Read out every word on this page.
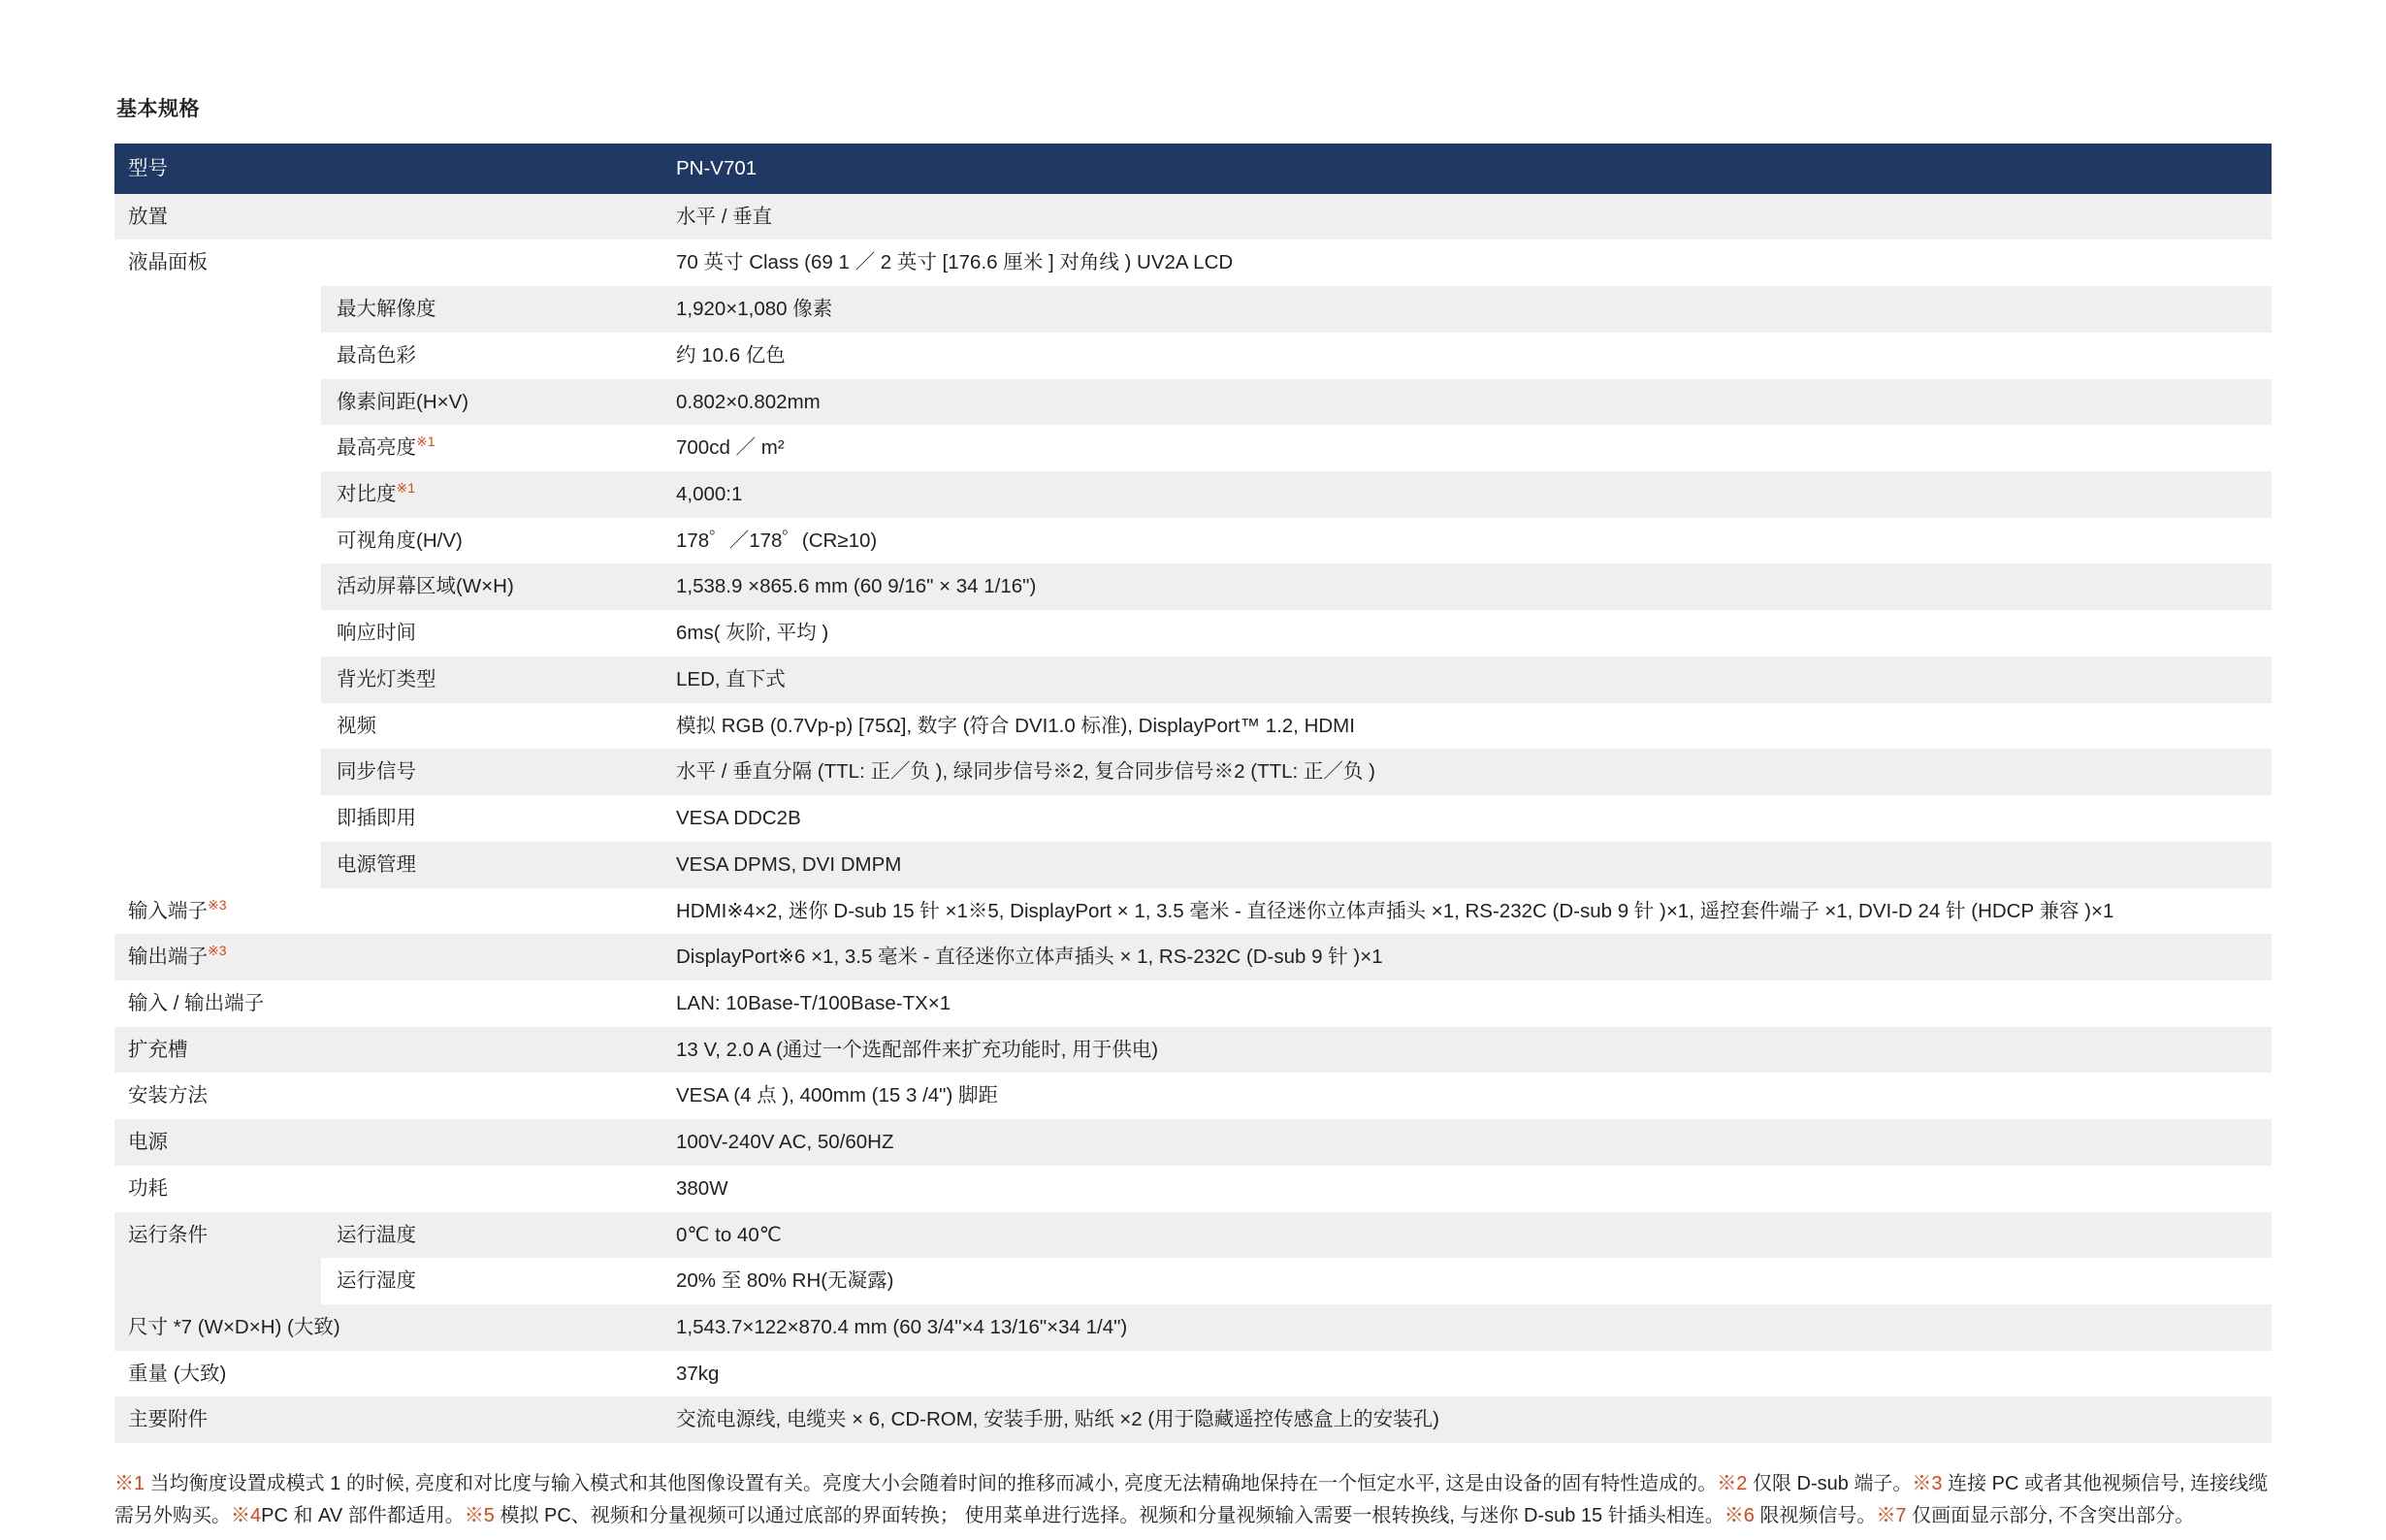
基本规格
型号		PN-V701
放置		水平 / 垂直
液晶面板		70 英寸 Class (69 1 ／ 2 英寸 [176.6 厘米 ] 对角线 ) UV2A LCD
	最大解像度	1,920×1,080 像素
	最高色彩	约 10.6 亿色
	像素间距(H×V)	0.802×0.802mm
	最高亮度$^{※1}$	700cd ／ m²
	对比度$^{※1}$	4,000:1
	可视角度(H/V)	178゜／178゜(CR≥10)
	活动屏幕区域(W×H)	1,538.9 ×865.6 mm (60 9/16" × 34 1/16")
	响应时间	6ms( 灰阶, 平均 )
	背光灯类型	LED, 直下式
	视频	模拟 RGB (0.7Vp-p) [75Ω], 数字 (符合 DVI1.0 标准), DisplayPort™ 1.2, HDMI
	同步信号	水平 / 垂直分隔 (TTL: 正／负 ), 绿同步信号※2, 复合同步信号※2 (TTL: 正／负 )
	即插即用	VESA DDC2B
	电源管理	VESA DPMS, DVI DMPM
输入端子$^{※3}$		HDMI※4×2, 迷你 D-sub 15 针 ×1※5, DisplayPort × 1, 3.5 毫米 - 直径迷你立体声插头 ×1, RS-232C (D-sub 9 针 )×1, 遥控套件端子 ×1, DVI-D 24 针 (HDCP 兼容 )×1
输出端子$^{※3}$		DisplayPort※6 ×1, 3.5 毫米 - 直径迷你立体声插头 × 1, RS-232C (D-sub 9 针 )×1
输入 / 输出端子		LAN: 10Base-T/100Base-TX×1
扩充槽		13 V, 2.0 A (通过一个选配部件来扩充功能时, 用于供电)
安装方法		VESA (4 点 ), 400mm (15 3 /4") 脚距
电源		100V-240V AC, 50/60HZ
功耗		380W
运行条件	运行温度	0℃ to 40℃
	运行湿度	20% 至 80% RH(无凝露)
尺寸 *7 (W×D×H) (大致)		1,543.7×122×870.4 mm (60 3/4"×4 13/16"×34 1/4")
重量 (大致)		37kg
主要附件		交流电源线, 电缆夹 × 6, CD-ROM, 安装手册, 贴纸 ×2 (用于隐藏遥控传感盒上的安装孔)
※1 当均衡度设置成模式 1 的时候, 亮度和对比度与输入模式和其他图像设置有关。亮度大小会随着时间的推移而减小, 亮度无法精确地保持在一个恒定水平, 这是由设备的固有特性造成的。※2 仅限 D-sub 端子。※3 连接 PC 或者其他视频信号, 连接线缆需另外购买。※4PC 和 AV 部件都适用。※5 模拟 PC、视频和分量视频可以通过底部的界面转换； 使用菜单进行选择。视频和分量视频输入需要一根转换线, 与迷你 D-sub 15 针插头相连。※6 限视频信号。※7 仅画面显示部分, 不含突出部分。
